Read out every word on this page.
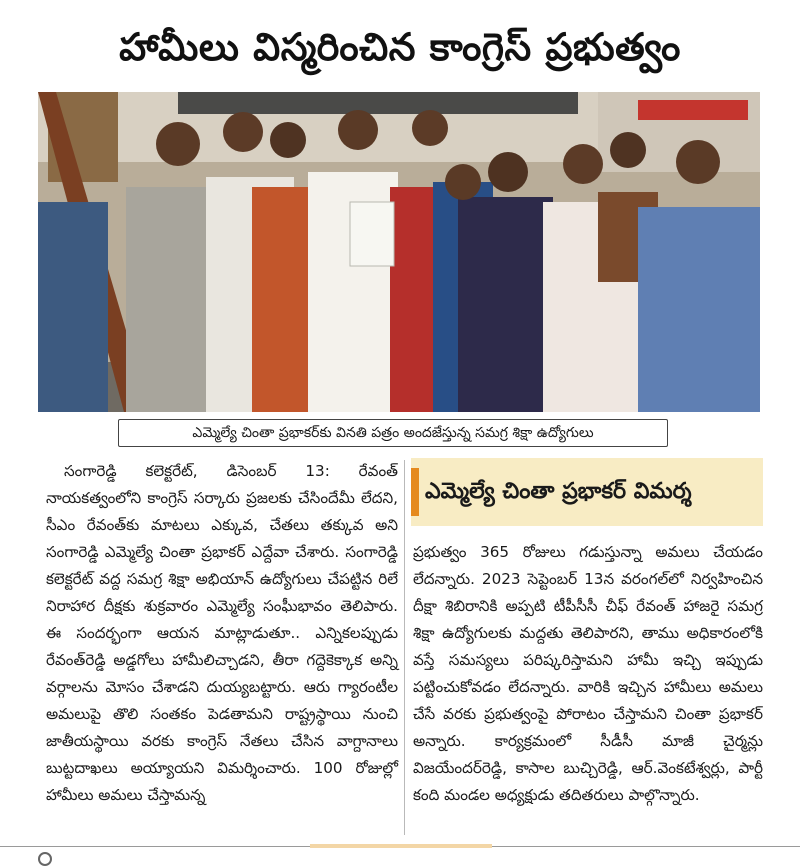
హామీలు విస్మరించిన కాంగ్రెస్ ప్రభుత్వం
ఎమ్మెల్యే చింతా ప్రభాకర్‌కు వినతి పత్రం అందజేస్తున్న సమగ్ర శిక్షా ఉద్యోగులు

సంగారెడ్డి కలెక్టరేట్, డిసెంబర్ 13: రేవంత్ నాయకత్వంలోని కాంగ్రెస్ సర్కారు ప్రజలకు చేసిందేమీ లేదని, సీఎం రేవంత్‌కు మాటలు ఎక్కువ, చేతలు తక్కువ అని సంగారెడ్డి ఎమ్మెల్యే చింతా ప్రభాకర్ ఎద్దేవా చేశారు. సంగారెడ్డి కలెక్టరేట్ వద్ద సమగ్ర శిక్షా అభియాన్ ఉద్యోగులు చేపట్టిన రిలే నిరాహార దీక్షకు శుక్రవారం ఎమ్మెల్యే సంఘీభావం తెలిపారు. ఈ సందర్భంగా ఆయన మాట్లాడుతూ.. ఎన్నికలప్పుడు రేవంత్‌రెడ్డి అడ్డగోలు హామీలిచ్చాడని, తీరా గద్దెకెక్కాక అన్ని వర్గాలను మోసం చేశాడని దుయ్యబట్టారు. ఆరు గ్యారంటీల అమలుపై తొలి సంతకం పెడతామని రాష్ట్రస్థాయి నుంచి జాతీయస్థాయి వరకు కాంగ్రెస్ నేతలు చేసిన వాగ్దానాలు బుట్టదాఖలు అయ్యాయని విమర్శించారు. 100 రోజుల్లో హామీలు అమలు చేస్తామన్న

ఎమ్మెల్యే చింతా ప్రభాకర్ విమర్శ

ప్రభుత్వం 365 రోజులు గడుస్తున్నా అమలు చేయడం లేదన్నారు. 2023 సెప్టెంబర్ 13న వరంగల్‌లో నిర్వహించిన దీక్షా శిబిరానికి అప్పటి టీపీసీసీ చీఫ్ రేవంత్ హాజరై సమగ్ర శిక్షా ఉద్యోగులకు మద్దతు తెలిపారని, తాము అధికారంలోకి వస్తే సమస్యలు పరిష్కరిస్తామని హామీ ఇచ్చి ఇప్పుడు పట్టించుకోవడం లేదన్నారు. వారికి ఇచ్చిన హామీలు అమలు చేసే వరకు ప్రభుత్వంపై పోరాటం చేస్తామని చింతా ప్రభాకర్ అన్నారు. కార్యక్రమంలో సీడీసీ మాజీ చైర్మన్లు విజయేందర్‌రెడ్డి, కాసాల బుచ్చిరెడ్డి, ఆర్.వెంకటేశ్వర్లు, పార్టీ కంది మండల అధ్యక్షుడు తదితరులు పాల్గొన్నారు.
